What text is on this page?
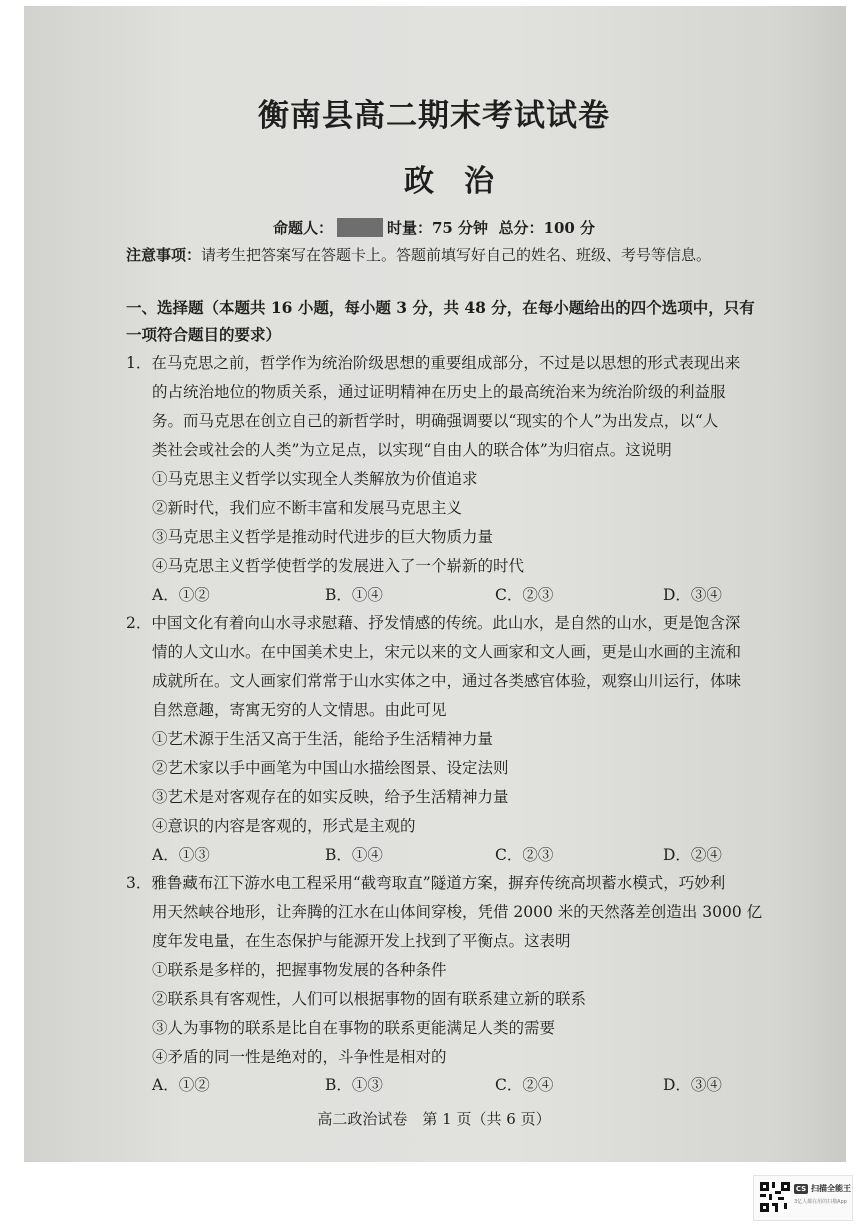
衡南县高二期末考试试卷
政治
命题人：	时量：75 分钟 总分：100 分
注意事项：请考生把答案写在答题卡上。答题前填写好自己的姓名、班级、考号等信息。
一、选择题（本题共 16 小题，每小题 3 分，共 48 分，在每小题给出的四个选项中，只有
一项符合题目的要求）
1．在马克思之前，哲学作为统治阶级思想的重要组成部分，不过是以思想的形式表现出来
的占统治地位的物质关系，通过证明精神在历史上的最高统治来为统治阶级的利益服
务。而马克思在创立自己的新哲学时，明确强调要以“现实的个人”为出发点，以“人
类社会或社会的人类”为立足点，以实现“自由人的联合体”为归宿点。这说明
①马克思主义哲学以实现全人类解放为价值追求
②新时代，我们应不断丰富和发展马克思主义
③马克思主义哲学是推动时代进步的巨大物质力量
④马克思主义哲学使哲学的发展进入了一个崭新的时代
A．①②	B．①④	C．②③	D．③④
2．中国文化有着向山水寻求慰藉、抒发情感的传统。此山水，是自然的山水，更是饱含深
情的人文山水。在中国美术史上，宋元以来的文人画家和文人画，更是山水画的主流和
成就所在。文人画家们常常于山水实体之中，通过各类感官体验，观察山川运行，体味
自然意趣，寄寓无穷的人文情思。由此可见
①艺术源于生活又高于生活，能给予生活精神力量
②艺术家以手中画笔为中国山水描绘图景、设定法则
③艺术是对客观存在的如实反映，给予生活精神力量
④意识的内容是客观的，形式是主观的
A．①③	B．①④	C．②③	D．②④
3．雅鲁藏布江下游水电工程采用“截弯取直”隧道方案，摒弃传统高坝蓄水模式，巧妙利
用天然峡谷地形，让奔腾的江水在山体间穿梭，凭借 2000 米的天然落差创造出 3000 亿
度年发电量，在生态保护与能源开发上找到了平衡点。这表明
①联系是多样的，把握事物发展的各种条件
②联系具有客观性，人们可以根据事物的固有联系建立新的联系
③人为事物的联系是比自在事物的联系更能满足人类的需要
④矛盾的同一性是绝对的，斗争性是相对的
A．①②	B．①③	C．②④	D．③④
高二政治试卷　第 1 页（共 6 页）
CS 扫描全能王
3亿人都在用的扫描App
